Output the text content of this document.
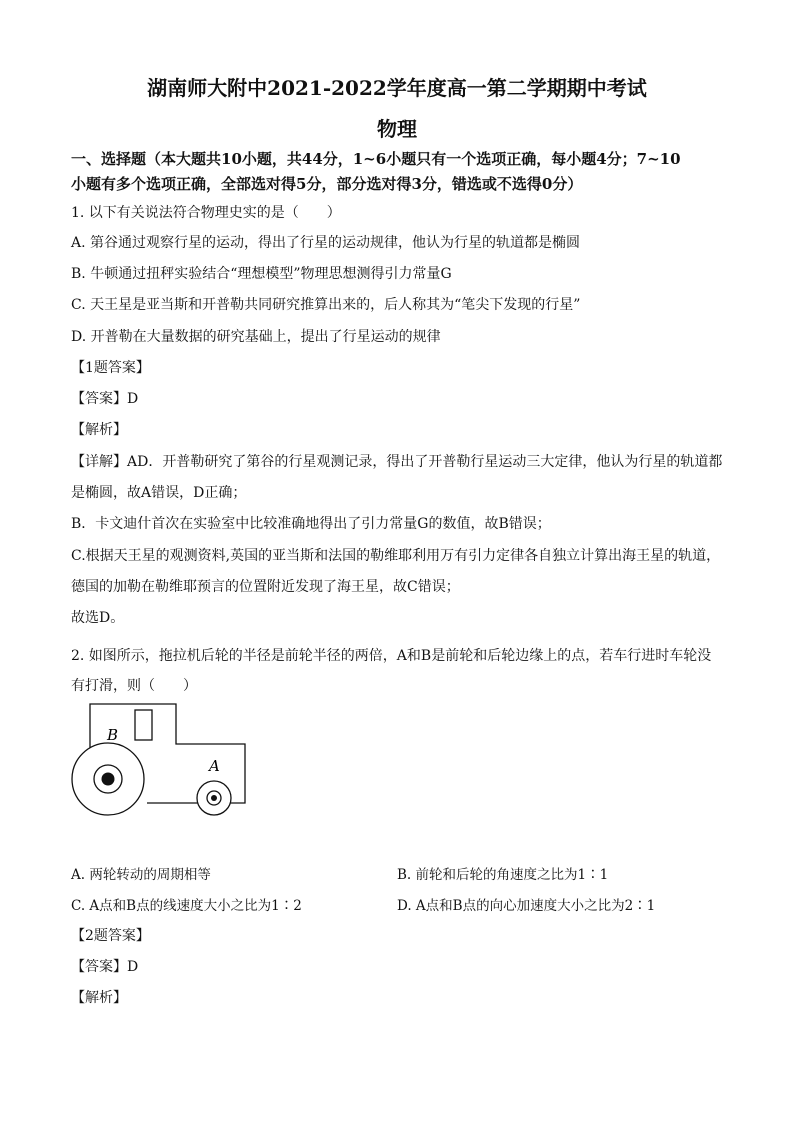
湖南师大附中2021-2022学年度高一第二学期期中考试
物理
一、选择题（本大题共10小题，共44分，1~6小题只有一个选项正确，每小题4分；7~10
小题有多个选项正确，全部选对得5分，部分选对得3分，错选或不选得0分）
1. 以下有关说法符合物理史实的是（　　）
A. 第谷通过观察行星的运动，得出了行星的运动规律，他认为行星的轨道都是椭圆
B. 牛顿通过扭秤实验结合“理想模型”物理思想测得引力常量G
C. 天王星是亚当斯和开普勒共同研究推算出来的，后人称其为“笔尖下发现的行星”
D. 开普勒在大量数据的研究基础上，提出了行星运动的规律
【1题答案】
【答案】D
【解析】
【详解】AD．开普勒研究了第谷的行星观测记录，得出了开普勒行星运动三大定律，他认为行星的轨道都
是椭圆，故A错误，D正确；
B．卡文迪什首次在实验室中比较准确地得出了引力常量G的数值，故B错误；
C.根据天王星的观测资料,英国的亚当斯和法国的勒维耶利用万有引力定律各自独立计算出海王星的轨道，
德国的加勒在勒维耶预言的位置附近发现了海王星，故C错误；
故选D。
2. 如图所示，拖拉机后轮的半径是前轮半径的两倍，A和B是前轮和后轮边缘上的点，若车行进时车轮没
有打滑，则（　　）
B
A
A. 两轮转动的周期相等	B. 前轮和后轮的角速度之比为1∶1
C. A点和B点的线速度大小之比为1∶2	D. A点和B点的向心加速度大小之比为2∶1
【2题答案】
【答案】D
【解析】
